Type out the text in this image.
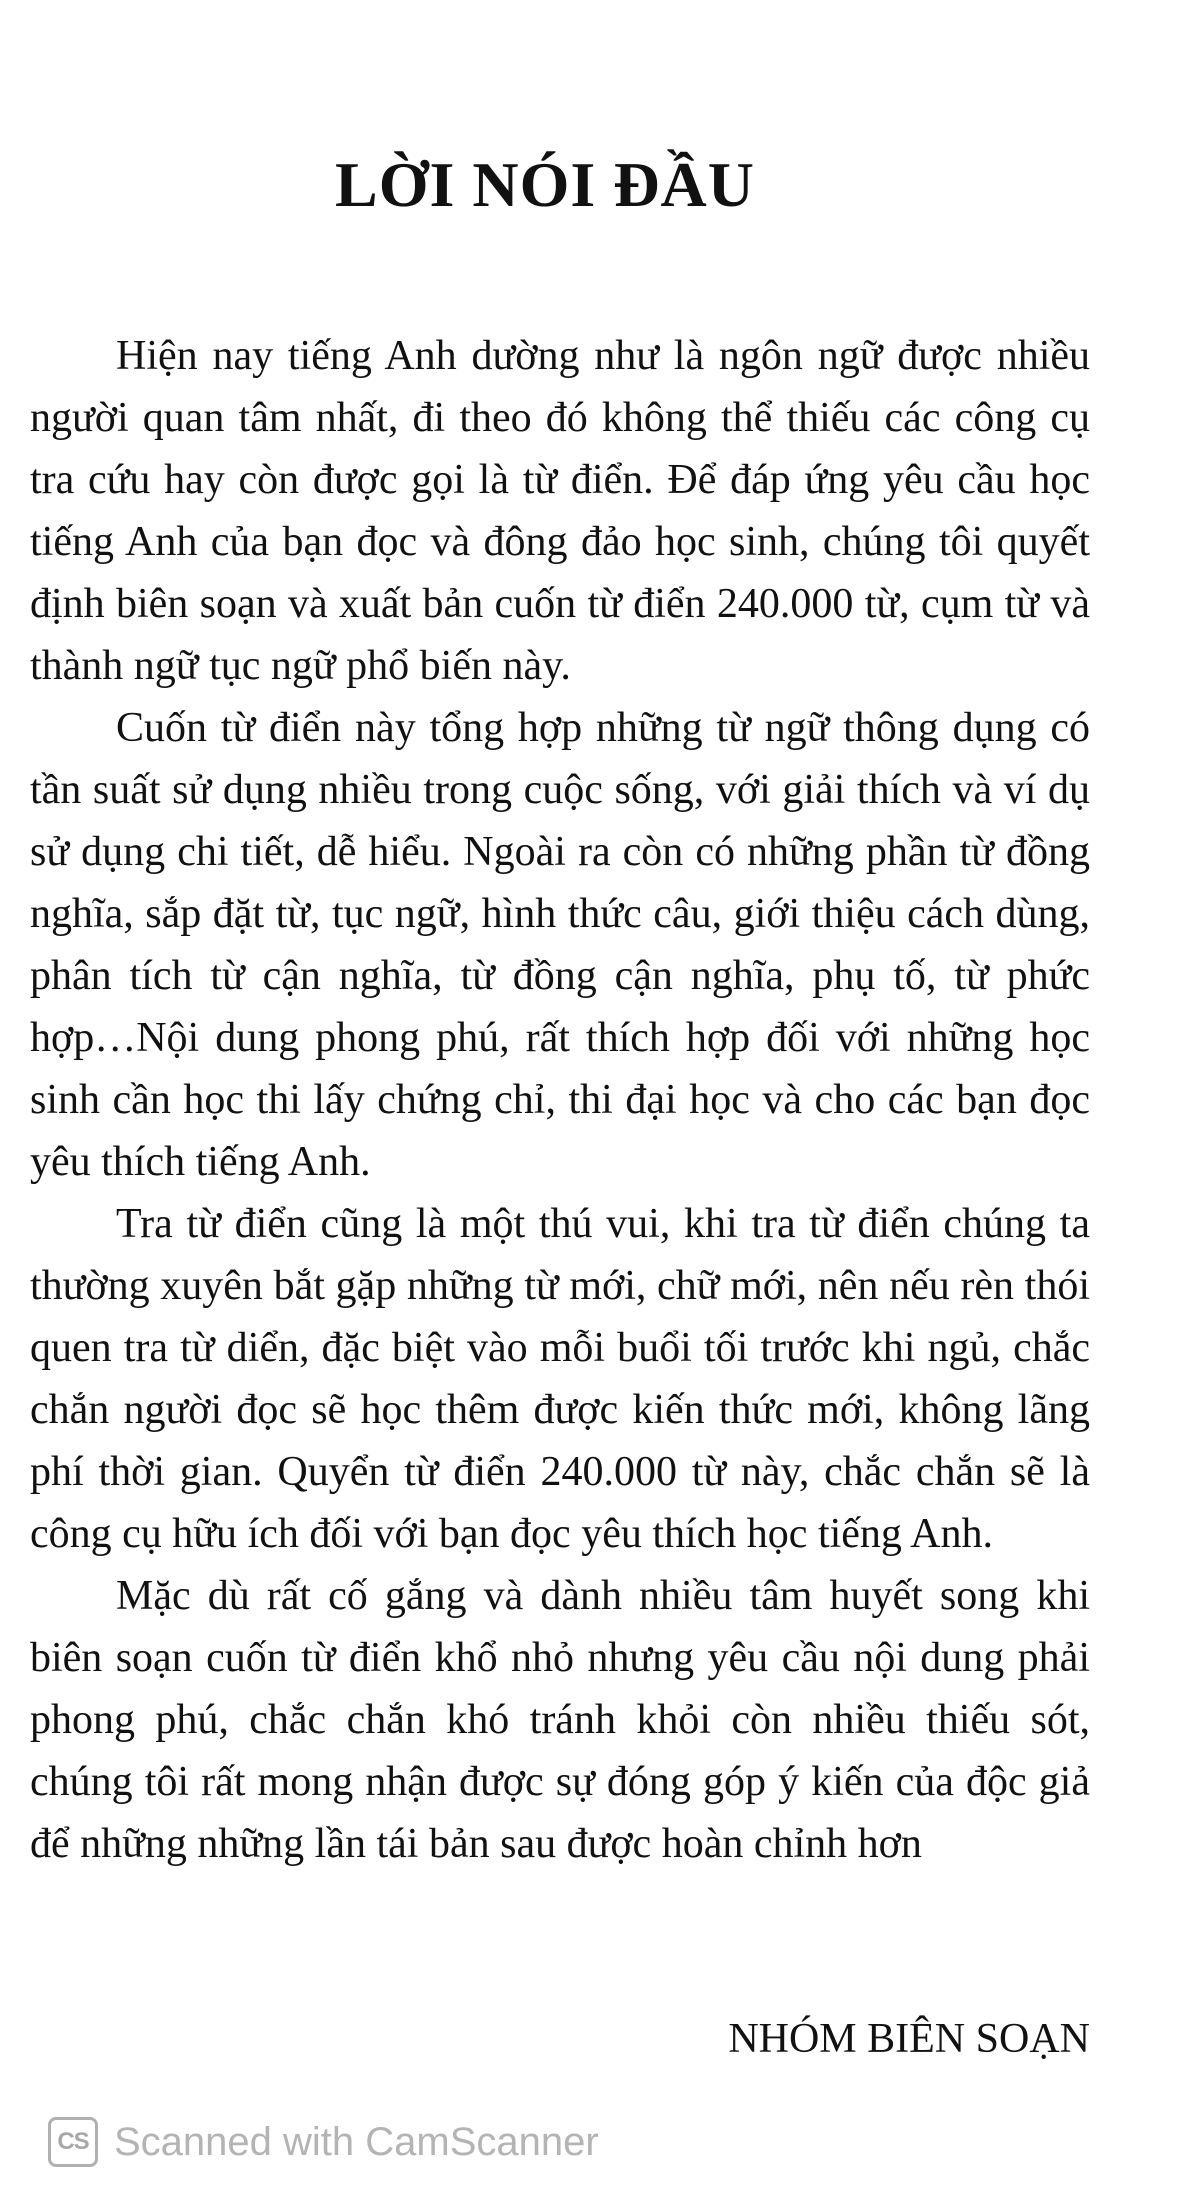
LỜI NÓI ĐẦU

Hiện nay tiếng Anh dường như là ngôn ngữ được nhiều người quan tâm nhất, đi theo đó không thể thiếu các công cụ tra cứu hay còn được gọi là từ điển. Để đáp ứng yêu cầu học tiếng Anh của bạn đọc và đông đảo học sinh, chúng tôi quyết định biên soạn và xuất bản cuốn từ điển 240.000 từ, cụm từ và thành ngữ tục ngữ phổ biến này.

Cuốn từ điển này tổng hợp những từ ngữ thông dụng có tần suất sử dụng nhiều trong cuộc sống, với giải thích và ví dụ sử dụng chi tiết, dễ hiểu. Ngoài ra còn có những phần từ đồng nghĩa, sắp đặt từ, tục ngữ, hình thức câu, giới thiệu cách dùng, phân tích từ cận nghĩa, từ đồng cận nghĩa, phụ tố, từ phức hợp…Nội dung phong phú, rất thích hợp đối với những học sinh cần học thi lấy chứng chỉ, thi đại học và cho các bạn đọc yêu thích tiếng Anh.

Tra từ điển cũng là một thú vui, khi tra từ điển chúng ta thường xuyên bắt gặp những từ mới, chữ mới, nên nếu rèn thói quen tra từ diển, đặc biệt vào mỗi buổi tối trước khi ngủ, chắc chắn người đọc sẽ học thêm được kiến thức mới, không lãng phí thời gian. Quyển từ điển 240.000 từ này, chắc chắn sẽ là công cụ hữu ích đối với bạn đọc yêu thích học tiếng Anh.

Mặc dù rất cố gắng và dành nhiều tâm huyết song khi biên soạn cuốn từ điển khổ nhỏ nhưng yêu cầu nội dung phải phong phú, chắc chắn khó tránh khỏi còn nhiều thiếu sót, chúng tôi rất mong nhận được sự đóng góp ý kiến của độc giả để những những lần tái bản sau được hoàn chỉnh hơn

NHÓM BIÊN SOẠN

CS Scanned with CamScanner
